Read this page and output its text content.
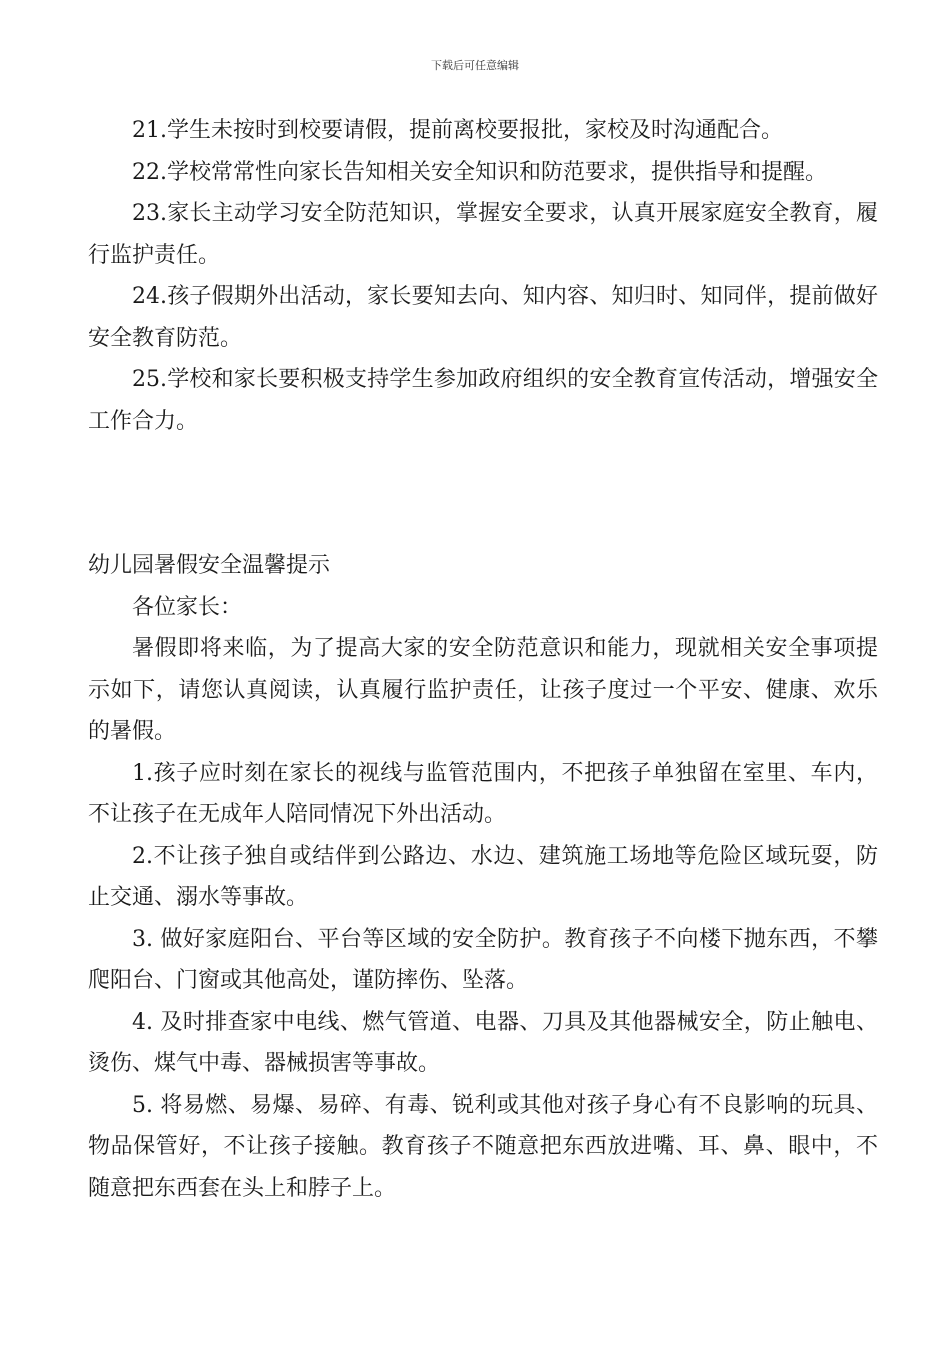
下载后可任意编辑

21.学生未按时到校要请假，提前离校要报批，家校及时沟通配合。

22.学校常常性向家长告知相关安全知识和防范要求，提供指导和提醒。

23.家长主动学习安全防范知识，掌握安全要求，认真开展家庭安全教育，履行监护责任。

24.孩子假期外出活动，家长要知去向、知内容、知归时、知同伴，提前做好安全教育防范。

25.学校和家长要积极支持学生参加政府组织的安全教育宣传活动，增强安全工作合力。

幼儿园暑假安全温馨提示

各位家长：

暑假即将来临，为了提高大家的安全防范意识和能力，现就相关安全事项提示如下，请您认真阅读，认真履行监护责任，让孩子度过一个平安、健康、欢乐的暑假。

1.孩子应时刻在家长的视线与监管范围内，不把孩子单独留在室里、车内，不让孩子在无成年人陪同情况下外出活动。

2.不让孩子独自或结伴到公路边、水边、建筑施工场地等危险区域玩耍，防止交通、溺水等事故。

3. 做好家庭阳台、平台等区域的安全防护。教育孩子不向楼下抛东西，不攀爬阳台、门窗或其他高处，谨防摔伤、坠落。

4. 及时排查家中电线、燃气管道、电器、刀具及其他器械安全，防止触电、烫伤、煤气中毒、器械损害等事故。

5. 将易燃、易爆、易碎、有毒、锐利或其他对孩子身心有不良影响的玩具、物品保管好，不让孩子接触。教育孩子不随意把东西放进嘴、耳、鼻、眼中，不随意把东西套在头上和脖子上。
